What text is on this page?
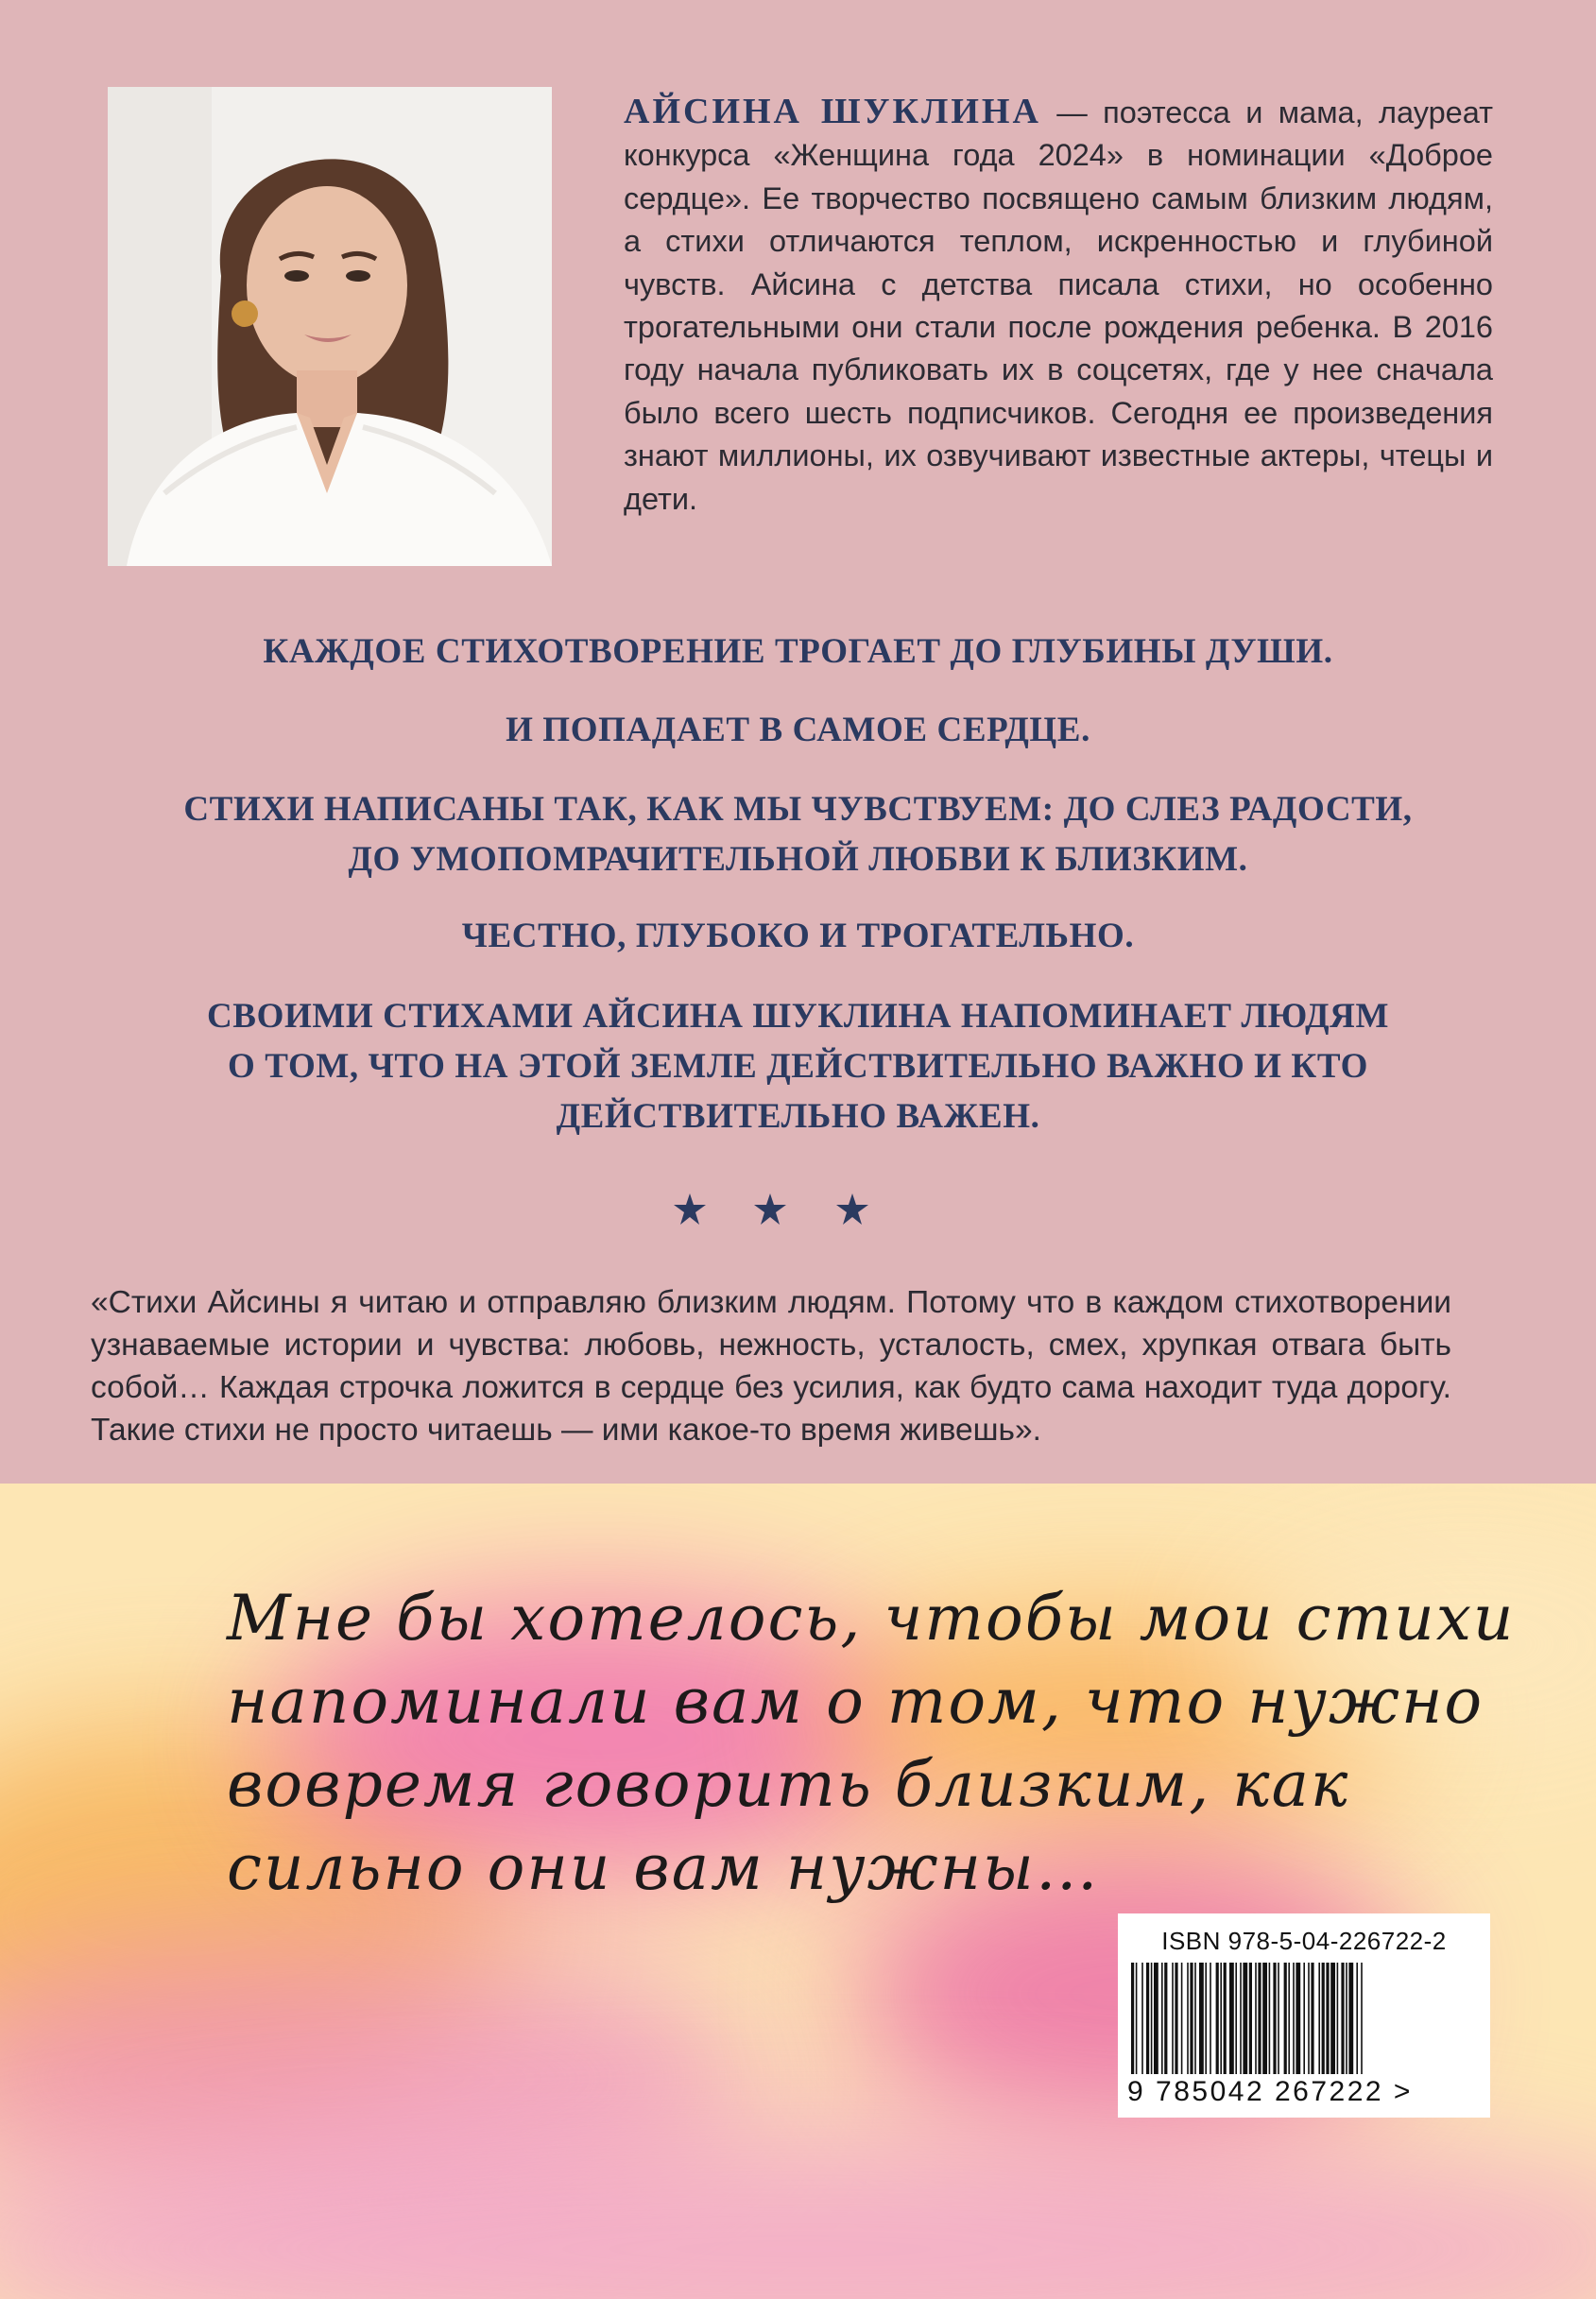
АЙСИНА ШУКЛИНА — поэтесса и мама, лауреат конкурса «Женщина года 2024» в номинации «Доброе сердце». Ее творчество посвящено самым близким людям, а стихи отличаются теплом, искренностью и глубиной чувств. Айсина с детства писала стихи, но особенно трогательными они стали после рождения ребенка. В 2016 году начала публиковать их в соцсетях, где у нее сначала было всего шесть подписчиков. Сегодня ее произведения знают миллионы, их озвучивают известные актеры, чтецы и дети.
КАЖДОЕ СТИХОТВОРЕНИЕ ТРОГАЕТ ДО ГЛУБИНЫ ДУШИ.
И ПОПАДАЕТ В САМОЕ СЕРДЦЕ.
СТИХИ НАПИСАНЫ ТАК, КАК МЫ ЧУВСТВУЕМ: ДО СЛЕЗ РАДОСТИ,
ДО УМОПОМРАЧИТЕЛЬНОЙ ЛЮБВИ К БЛИЗКИМ.
ЧЕСТНО, ГЛУБОКО И ТРОГАТЕЛЬНО.
СВОИМИ СТИХАМИ АЙСИНА ШУКЛИНА НАПОМИНАЕТ ЛЮДЯМ
О ТОМ, ЧТО НА ЭТОЙ ЗЕМЛЕ ДЕЙСТВИТЕЛЬНО ВАЖНО И КТО
ДЕЙСТВИТЕЛЬНО ВАЖЕН.
«Стихи Айсины я читаю и отправляю близким людям. Потому что в каждом стихотворении узнаваемые истории и чувства: любовь, нежность, усталость, смех, хрупкая отвага быть собой… Каждая строчка ложится в сердце без усилия, как будто сама находит туда дорогу. Такие стихи не просто читаешь — ими какое-то время живешь».
Мне бы хотелось, чтобы мои стихи
напоминали вам о том, что нужно
вовремя говорить близким, как
сильно они вам нужны…
ISBN 978-5-04-226722-2
9 785042 267222 >
